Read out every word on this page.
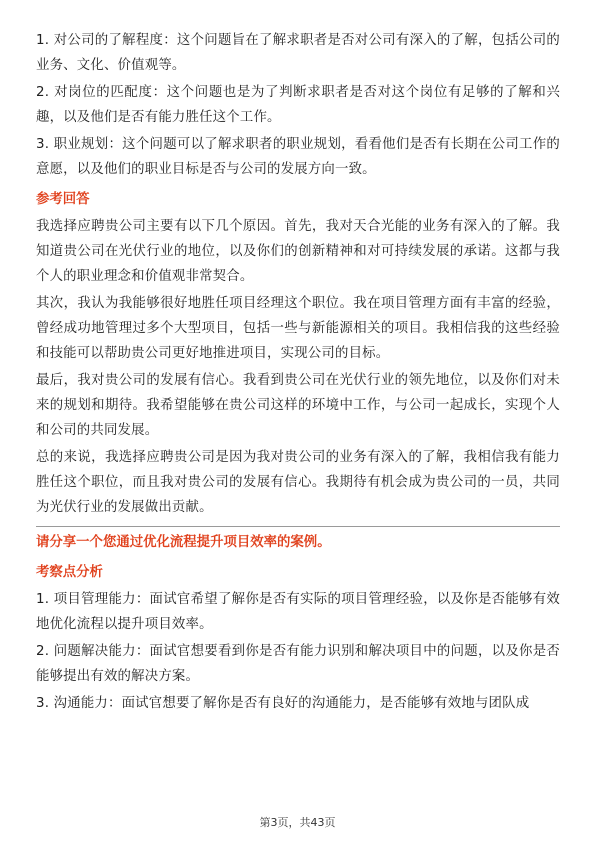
1. 对公司的了解程度：这个问题旨在了解求职者是否对公司有深入的了解，包括公司的业务、文化、价值观等。

2. 对岗位的匹配度：这个问题也是为了判断求职者是否对这个岗位有足够的了解和兴趣，以及他们是否有能力胜任这个工作。

3. 职业规划：这个问题可以了解求职者的职业规划，看看他们是否有长期在公司工作的意愿，以及他们的职业目标是否与公司的发展方向一致。

参考回答

我选择应聘贵公司主要有以下几个原因。首先，我对天合光能的业务有深入的了解。我知道贵公司在光伏行业的地位，以及你们的创新精神和对可持续发展的承诺。这都与我个人的职业理念和价值观非常契合。

其次，我认为我能够很好地胜任项目经理这个职位。我在项目管理方面有丰富的经验，曾经成功地管理过多个大型项目，包括一些与新能源相关的项目。我相信我的这些经验和技能可以帮助贵公司更好地推进项目，实现公司的目标。

最后，我对贵公司的发展有信心。我看到贵公司在光伏行业的领先地位，以及你们对未来的规划和期待。我希望能够在贵公司这样的环境中工作，与公司一起成长，实现个人和公司的共同发展。

总的来说，我选择应聘贵公司是因为我对贵公司的业务有深入的了解，我相信我有能力胜任这个职位，而且我对贵公司的发展有信心。我期待有机会成为贵公司的一员，共同为光伏行业的发展做出贡献。

请分享一个您通过优化流程提升项目效率的案例。
考察点分析

1. 项目管理能力：面试官希望了解你是否有实际的项目管理经验，以及你是否能够有效地优化流程以提升项目效率。

2. 问题解决能力：面试官想要看到你是否有能力识别和解决项目中的问题，以及你是否能够提出有效的解决方案。

3. 沟通能力：面试官想要了解你是否有良好的沟通能力，是否能够有效地与团队成

第3页，共43页
